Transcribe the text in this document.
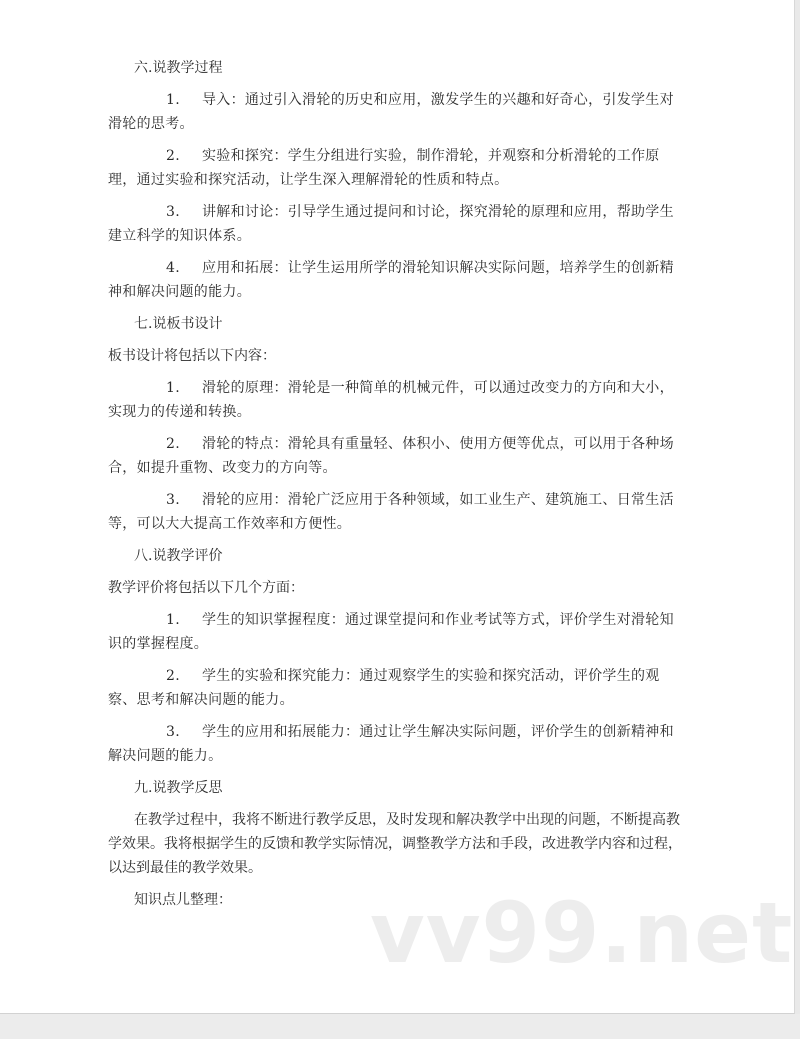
六.说教学过程

1. 导入：通过引入滑轮的历史和应用，激发学生的兴趣和好奇心，引发学生对滑轮的思考。

2. 实验和探究：学生分组进行实验，制作滑轮，并观察和分析滑轮的工作原理，通过实验和探究活动，让学生深入理解滑轮的性质和特点。

3. 讲解和讨论：引导学生通过提问和讨论，探究滑轮的原理和应用，帮助学生建立科学的知识体系。

4. 应用和拓展：让学生运用所学的滑轮知识解决实际问题，培养学生的创新精神和解决问题的能力。

七.说板书设计

板书设计将包括以下内容：

1. 滑轮的原理：滑轮是一种简单的机械元件，可以通过改变力的方向和大小，实现力的传递和转换。

2. 滑轮的特点：滑轮具有重量轻、体积小、使用方便等优点，可以用于各种场合，如提升重物、改变力的方向等。

3. 滑轮的应用：滑轮广泛应用于各种领域，如工业生产、建筑施工、日常生活等，可以大大提高工作效率和方便性。

八.说教学评价

教学评价将包括以下几个方面：

1. 学生的知识掌握程度：通过课堂提问和作业考试等方式，评价学生对滑轮知识的掌握程度。

2. 学生的实验和探究能力：通过观察学生的实验和探究活动，评价学生的观察、思考和解决问题的能力。

3. 学生的应用和拓展能力：通过让学生解决实际问题，评价学生的创新精神和解决问题的能力。

九.说教学反思

在教学过程中，我将不断进行教学反思，及时发现和解决教学中出现的问题，不断提高教学效果。我将根据学生的反馈和教学实际情况，调整教学方法和手段，改进教学内容和过程，以达到最佳的教学效果。

知识点儿整理：	vv99.net
